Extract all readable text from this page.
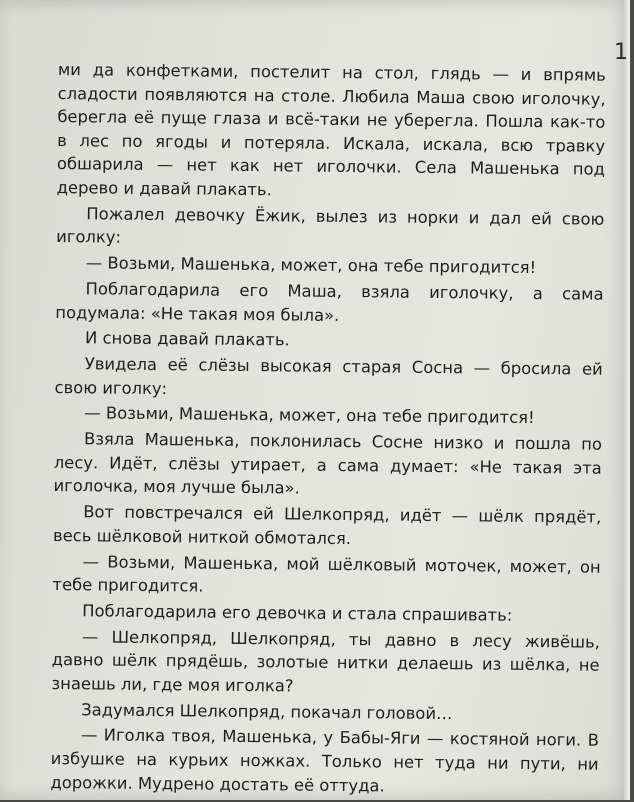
1

ми да конфетками, постелит на стол, глядь — и впрямь сладости появляются на столе. Любила Маша свою иголочку, берегла её пуще глаза и всё-таки не уберегла. Пошла как-то в лес по ягоды и потеряла. Искала, искала, всю травку обшарила — нет как нет иголочки. Села Машенька под дерево и давай плакать.

Пожалел девочку Ёжик, вылез из норки и дал ей свою иголку:

— Возьми, Машенька, может, она тебе пригодится!

Поблагодарила его Маша, взяла иголочку, а сама подумала: «Не такая моя была».

И снова давай плакать.

Увидела её слёзы высокая старая Сосна — бросила ей свою иголку:

— Возьми, Машенька, может, она тебе пригодится!

Взяла Машенька, поклонилась Сосне низко и пошла по лесу. Идёт, слёзы утирает, а сама думает: «Не такая эта иголочка, моя лучше была».

Вот повстречался ей Шелкопряд, идёт — шёлк прядёт, весь шёлковой ниткой обмотался.

— Возьми, Машенька, мой шёлковый моточек, может, он тебе пригодится.

Поблагодарила его девочка и стала спрашивать:

— Шелкопряд, Шелкопряд, ты давно в лесу живёшь, давно шёлк прядёшь, золотые нитки делаешь из шёлка, не знаешь ли, где моя иголка?

Задумался Шелкопряд, покачал головой…

— Иголка твоя, Машенька, у Бабы-Яги — костяной ноги. В избушке на курьих ножках. Только нет туда ни пути, ни дорожки. Мудрено достать её оттуда.
